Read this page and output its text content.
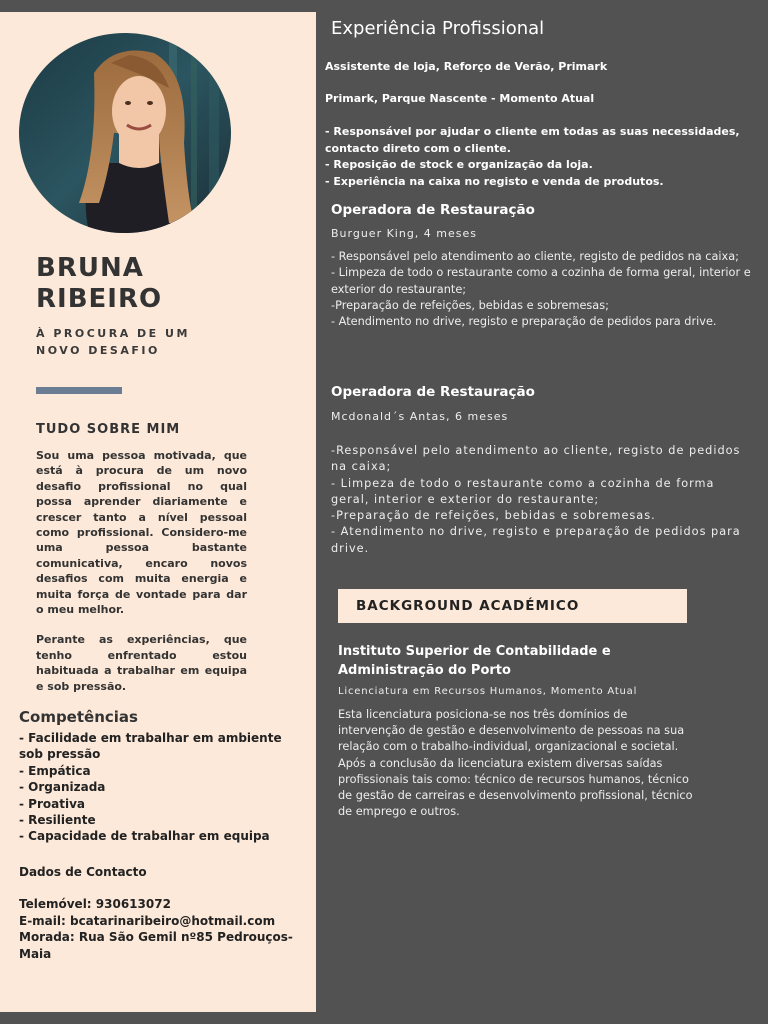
BRUNA
RIBEIRO
À PROCURA DE UM
NOVO DESAFIO
TUDO SOBRE MIM

Sou uma pessoa motivada, que está à procura de um novo desafio profissional no qual possa aprender diariamente e crescer tanto a nível pessoal como profissional. Considero-me uma pessoa bastante comunicativa, encaro novos desafios com muita energia e muita força de vontade para dar o meu melhor.

Perante as experiências, que tenho enfrentado estou habituada a trabalhar em equipa e sob pressão.

Competências
- Facilidade em trabalhar em ambiente sob pressão
- Empática
- Organizada
- Proativa
- Resiliente
- Capacidade de trabalhar em equipa
Dados de Contacto
Telemóvel: 930613072
E-mail: bcatarinaribeiro@hotmail.com
Morada: Rua São Gemil nº85 Pedrouços-Maia
Experiência Profissional
Assistente de loja, Reforço de Verão, Primark
Primark, Parque Nascente - Momento Atual
- Responsável por ajudar o cliente em todas as suas necessidades, contacto direto com o cliente.
- Reposição de stock e organização da loja.
- Experiência na caixa no registo e venda de produtos.
Operadora de Restauração
Burguer King, 4 meses
- Responsável pelo atendimento ao cliente, registo de pedidos na caixa;
- Limpeza de todo o restaurante como a cozinha de forma geral, interior e exterior do restaurante;
-Preparação de refeições, bebidas e sobremesas;
- Atendimento no drive, registo e preparação de pedidos para drive.
Operadora de Restauração
Mcdonald´s Antas, 6 meses
-Responsável pelo atendimento ao cliente, registo de pedidos na caixa;
- Limpeza de todo o restaurante como a cozinha de forma geral, interior e exterior do restaurante;
-Preparação de refeições, bebidas e sobremesas.
- Atendimento no drive, registo e preparação de pedidos para drive.
BACKGROUND ACADÉMICO
Instituto Superior de Contabilidade e Administração do Porto
Licenciatura em Recursos Humanos, Momento Atual
Esta licenciatura posiciona-se nos três domínios de intervenção de gestão e desenvolvimento de pessoas na sua relação com o trabalho-individual, organizacional e societal. Após a conclusão da licenciatura existem diversas saídas profissionais tais como: técnico de recursos humanos, técnico de gestão de carreiras e desenvolvimento profissional, técnico de emprego e outros.
